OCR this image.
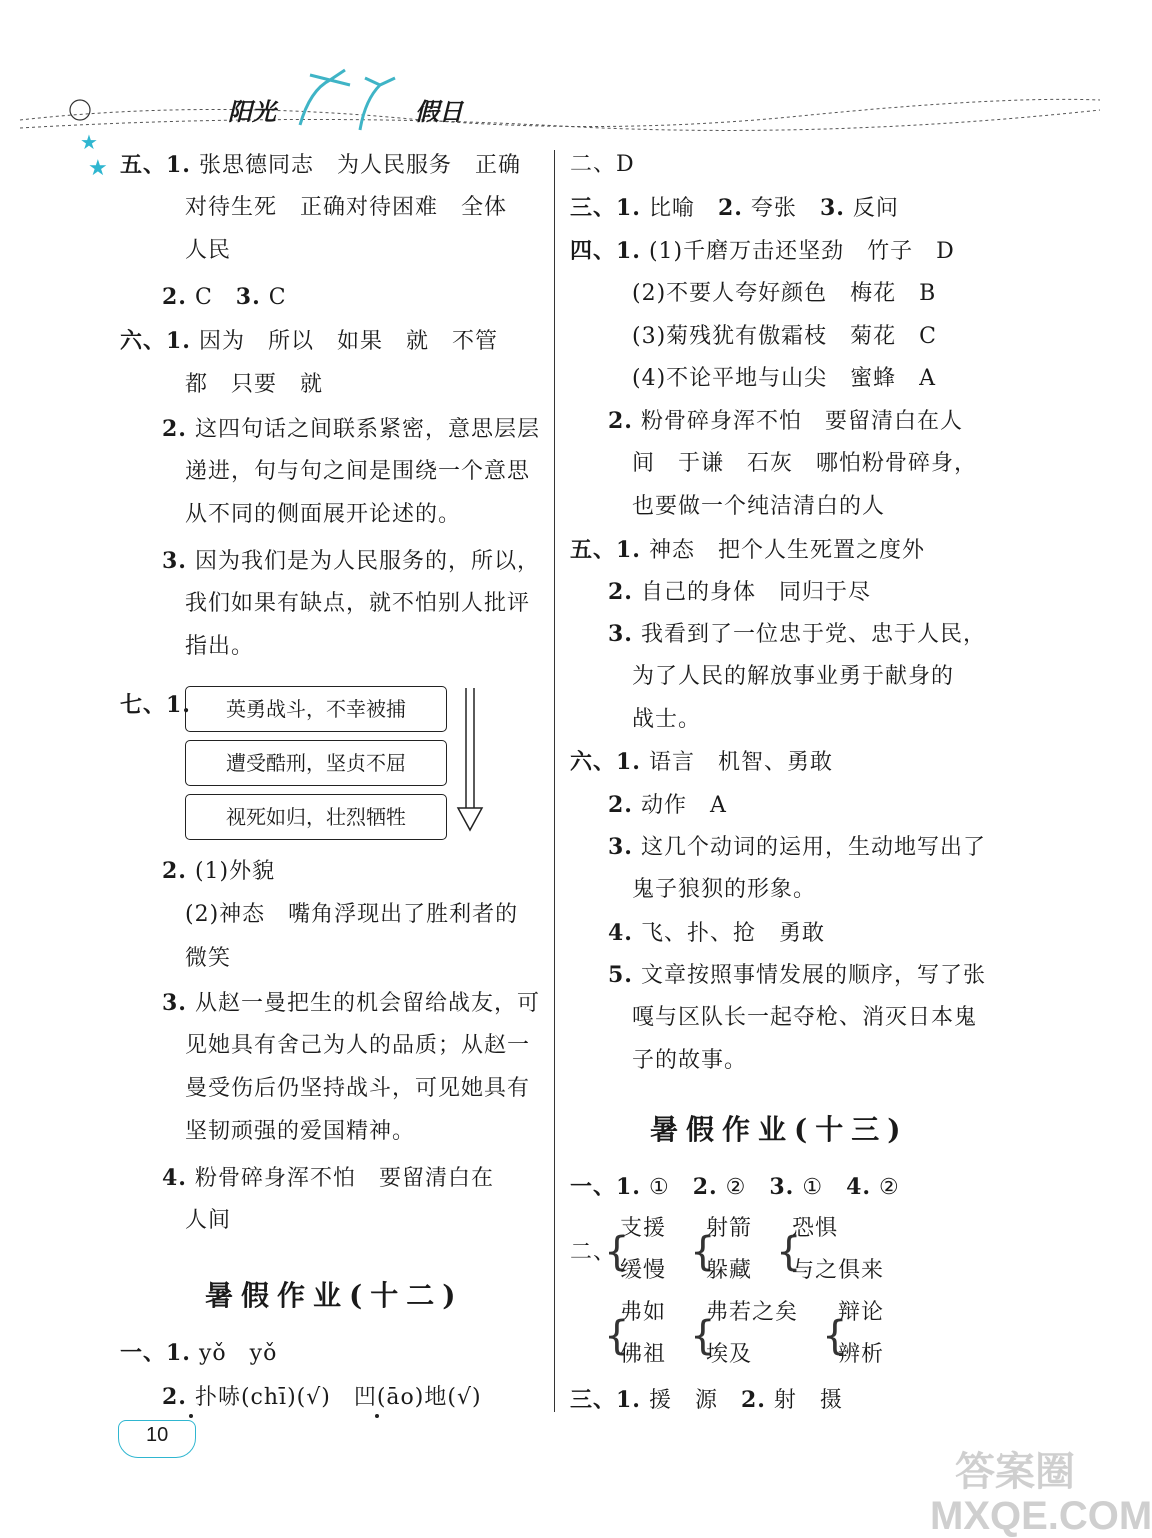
阳光	假日
★
★ 五、1. 张思德同志　为人民服务　正确
对待生死　正确对待困难　全体
人民
2. C　3. C
六、1. 因为　所以　如果　就　不管
都　只要　就
2. 这四句话之间联系紧密，意思层层
递进，句与句之间是围绕一个意思
从不同的侧面展开论述的。
3. 因为我们是为人民服务的，所以，
我们如果有缺点，就不怕别人批评
指出。
七、1.
2. (1)外貌
(2)神态　嘴角浮现出了胜利者的
微笑
3. 从赵一曼把生的机会留给战友，可
见她具有舍己为人的品质；从赵一
曼受伤后仍坚持战斗，可见她具有
坚韧顽强的爱国精神。
4. 粉骨碎身浑不怕　要留清白在
人间
一、1. yǒ　yǒ
2. 扑哧(chī)(√)　凹(āo)地(√)
二、D
三、1. 比喻　2. 夸张　3. 反问
四、1. (1)千磨万击还坚劲　竹子　D
(2)不要人夸好颜色　梅花　B
(3)菊残犹有傲霜枝　菊花　C
(4)不论平地与山尖　蜜蜂　A
2. 粉骨碎身浑不怕　要留清白在人
间　于谦　石灰　哪怕粉骨碎身，
也要做一个纯洁清白的人
五、1. 神态　把个人生死置之度外
2. 自己的身体　同归于尽
3. 我看到了一位忠于党、忠于人民，
为了人民的解放事业勇于献身的
战士。
六、1. 语言　机智、勇敢
2. 动作　A
3. 这几个动词的运用，生动地写出了
鬼子狼狈的形象。
4. 飞、扑、抢　勇敢
5. 文章按照事情发展的顺序，写了张
嘎与区队长一起夺枪、消灭日本鬼
子的故事。
一、1. ①　2. ②　3. ①　4. ②
二、
三、1. 援　源　2. 射　摄
英勇战斗，不幸被捕
遭受酷刑，坚贞不屈
视死如归，壮烈牺牲
暑假作业(十二)
暑假作业(十三)
{ { {
{ {	{
支援
缓慢
射箭
躲藏
恐惧
与之俱来
弗如
佛祖
弗若之矣
埃及
辩论
辨析
10
答案圈 MXQE.COM
